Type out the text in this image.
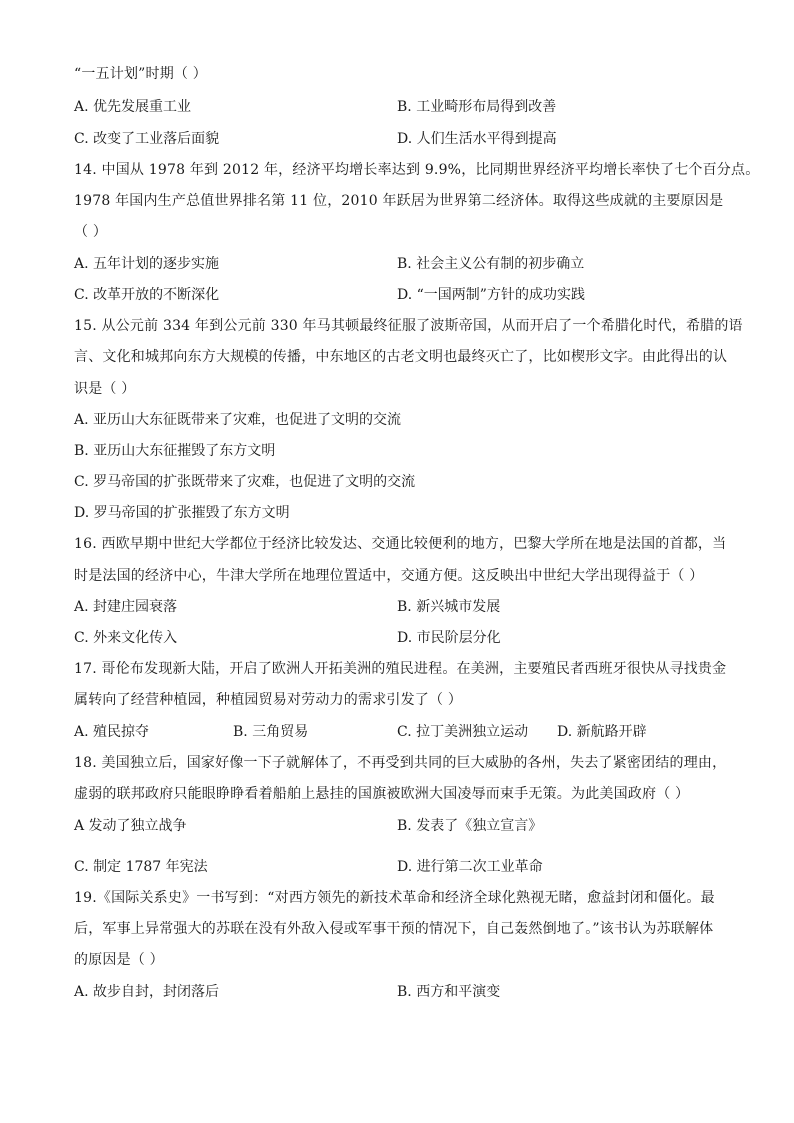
“一五计划”时期（ ）
A. 优先发展重工业	B. 工业畸形布局得到改善
C. 改变了工业落后面貌	D. 人们生活水平得到提高
14. 中国从 1978 年到 2012 年，经济平均增长率达到 9.9%，比同期世界经济平均增长率快了七个百分点。
1978 年国内生产总值世界排名第 11 位，2010 年跃居为世界第二经济体。取得这些成就的主要原因是
（ ）
A. 五年计划的逐步实施	B. 社会主义公有制的初步确立
C. 改革开放的不断深化	D. “一国两制”方针的成功实践
15. 从公元前 334 年到公元前 330 年马其顿最终征服了波斯帝国，从而开启了一个希腊化时代，希腊的语
言、文化和城邦向东方大规模的传播，中东地区的古老文明也最终灭亡了，比如楔形文字。由此得出的认
识是（ ）
A. 亚历山大东征既带来了灾难，也促进了文明的交流
B. 亚历山大东征摧毁了东方文明
C. 罗马帝国的扩张既带来了灾难，也促进了文明的交流
D. 罗马帝国的扩张摧毁了东方文明
16. 西欧早期中世纪大学都位于经济比较发达、交通比较便利的地方，巴黎大学所在地是法国的首都，当
时是法国的经济中心，牛津大学所在地理位置适中，交通方便。这反映出中世纪大学出现得益于（ ）
A. 封建庄园衰落	B. 新兴城市发展
C. 外来文化传入	D. 市民阶层分化
17. 哥伦布发现新大陆，开启了欧洲人开拓美洲的殖民进程。在美洲，主要殖民者西班牙很快从寻找贵金
属转向了经营种植园，种植园贸易对劳动力的需求引发了（ ）
A. 殖民掠夺	B. 三角贸易	C. 拉丁美洲独立运动 D. 新航路开辟
18. 美国独立后，国家好像一下子就解体了，不再受到共同的巨大威胁的各州，失去了紧密团结的理由，
虚弱的联邦政府只能眼睁睁看着船舶上悬挂的国旗被欧洲大国凌辱而束手无策。为此美国政府（ ）
A 发动了独立战争	B. 发表了《独立宣言》
C. 制定 1787 年宪法	D. 进行第二次工业革命
19.《国际关系史》一书写到：“对西方领先的新技术革命和经济全球化熟视无睹，愈益封闭和僵化。最
后，军事上异常强大的苏联在没有外敌入侵或军事干预的情况下，自己轰然倒地了。”该书认为苏联解体
的原因是（ ）
A. 故步自封，封闭落后	B. 西方和平演变
